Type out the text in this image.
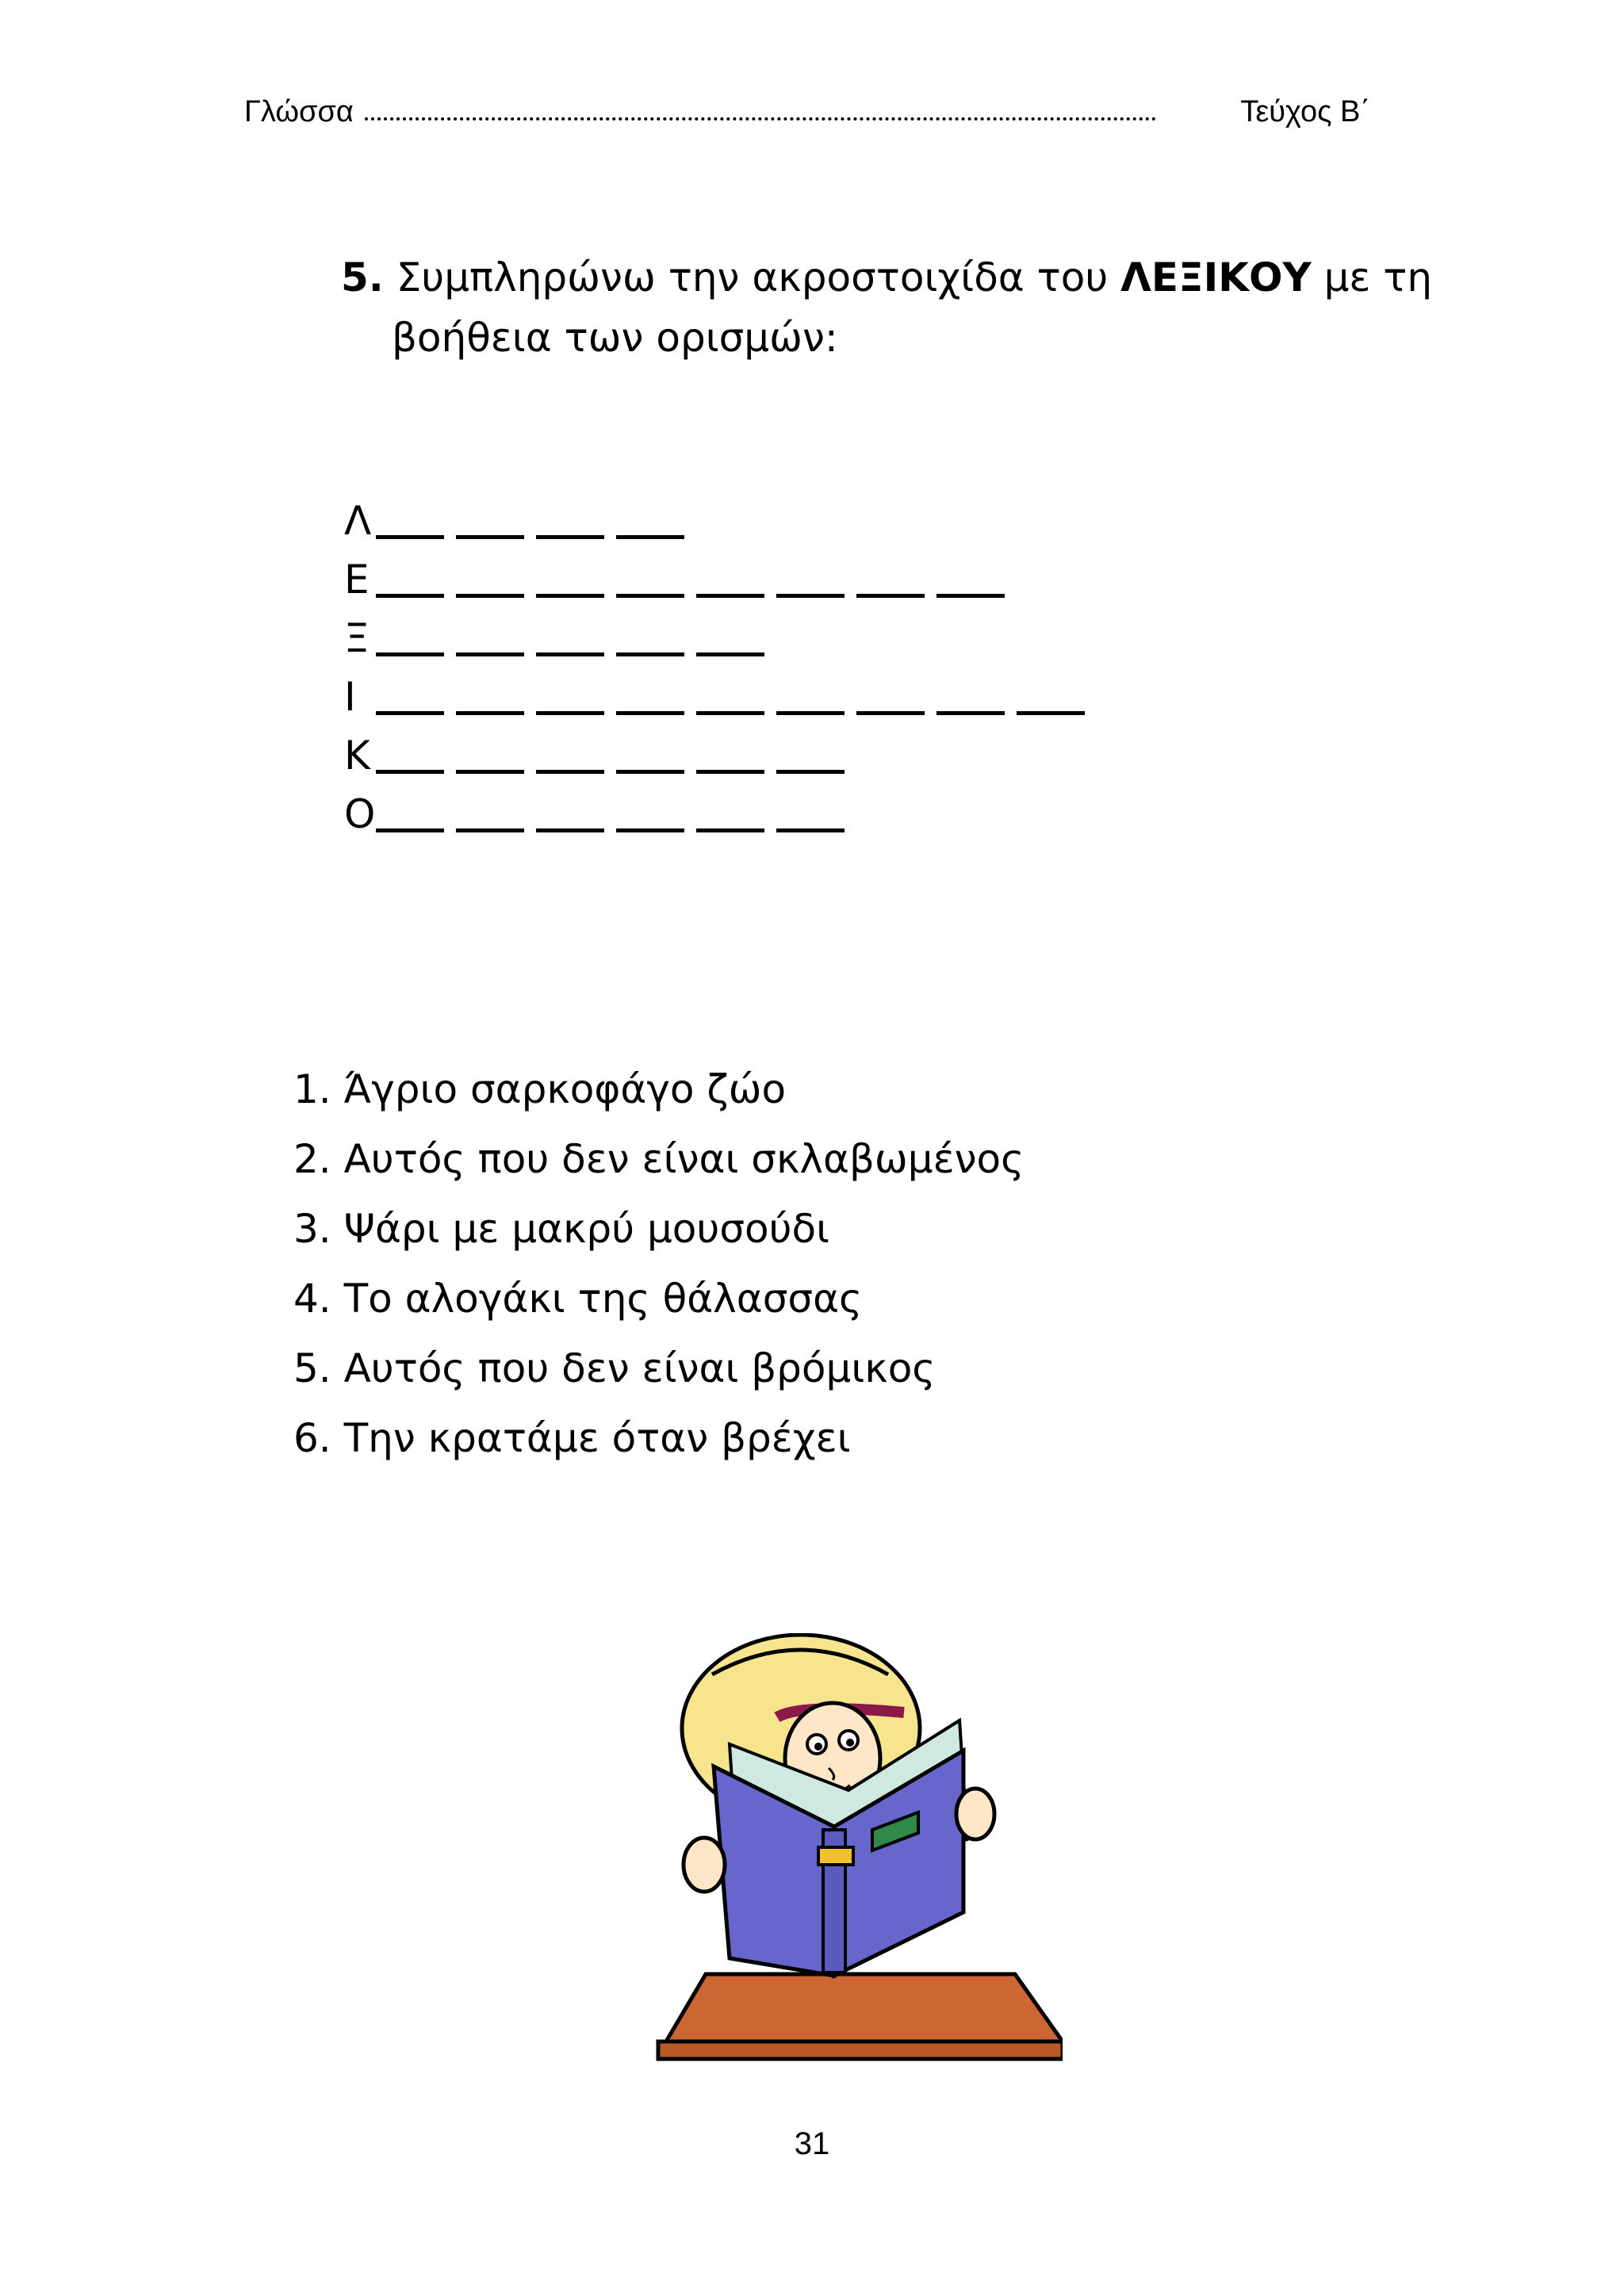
Γλώσσα	Τεύχος Β΄
5. Συμπληρώνω την ακροστοιχίδα του ΛΕΞΙΚΟΥ με τη
βοήθεια των ορισμών:
Λ
Ε
Ξ
Ι
Κ
Ο
1. Άγριο σαρκοφάγο ζώο
2. Αυτός που δεν είναι σκλαβωμένος
3. Ψάρι με μακρύ μουσούδι
4. Το αλογάκι της θάλασσας
5. Αυτός που δεν είναι βρόμικος
6. Την κρατάμε όταν βρέχει
31
